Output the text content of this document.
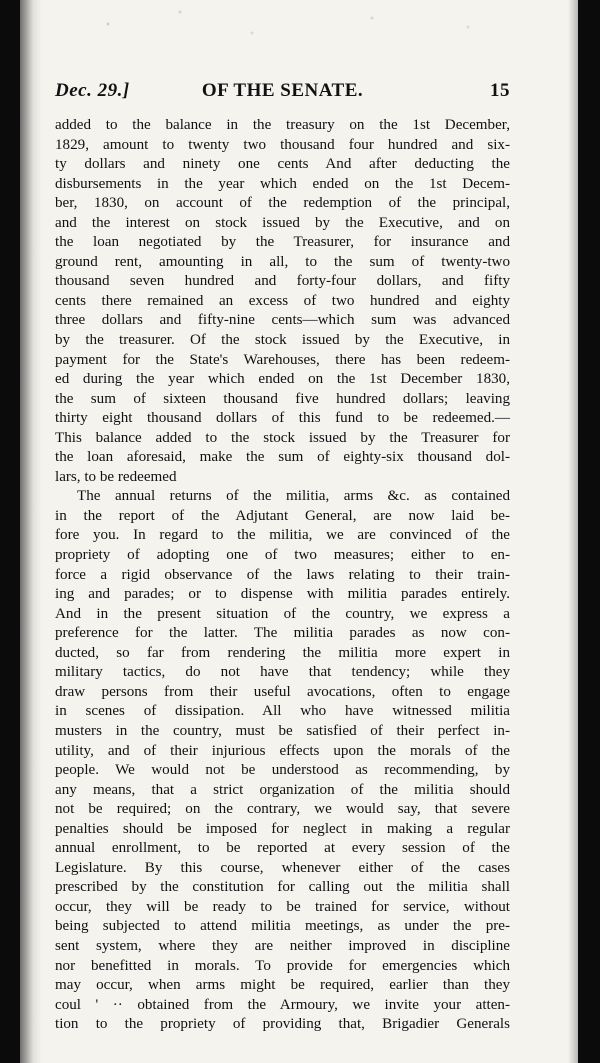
OF THE SENATE.
Dec. 29.]	15
added to the balance in the treasury on the 1st December,
1829, amount to twenty two thousand four hundred and six-
ty dollars and ninety one cents And after deducting the
disbursements in the year which ended on the 1st Decem-
ber, 1830, on account of the redemption of the principal,
and the interest on stock issued by the Executive, and on
the loan negotiated by the Treasurer, for insurance and
ground rent, amounting in all, to the sum of twenty-two
thousand seven hundred and forty-four dollars, and fifty
cents there remained an excess of two hundred and eighty
three dollars and fifty-nine cents—which sum was advanced
by the treasurer. Of the stock issued by the Executive, in
payment for the State's Warehouses, there has been redeem-
ed during the year which ended on the 1st December 1830,
the sum of sixteen thousand five hundred dollars; leaving
thirty eight thousand dollars of this fund to be redeemed.—
This balance added to the stock issued by the Treasurer for
the loan aforesaid, make the sum of eighty-six thousand dol-
lars, to be redeemed
The annual returns of the militia, arms &c. as contained
in the report of the Adjutant General, are now laid be-
fore you. In regard to the militia, we are convinced of the
propriety of adopting one of two measures; either to en-
force a rigid observance of the laws relating to their train-
ing and parades; or to dispense with militia parades entirely.
And in the present situation of the country, we express a
preference for the latter. The militia parades as now con-
ducted, so far from rendering the militia more expert in
military tactics, do not have that tendency; while they
draw persons from their useful avocations, often to engage
in scenes of dissipation. All who have witnessed militia
musters in the country, must be satisfied of their perfect in-
utility, and of their injurious effects upon the morals of the
people. We would not be understood as recommending, by
any means, that a strict organization of the militia should
not be required; on the contrary, we would say, that severe
penalties should be imposed for neglect in making a regular
annual enrollment, to be reported at every session of the
Legislature. By this course, whenever either of the cases
prescribed by the constitution for calling out the militia shall
occur, they will be ready to be trained for service, without
being subjected to attend militia meetings, as under the pre-
sent system, where they are neither improved in discipline
nor benefitted in morals. To provide for emergencies which
may occur, when arms might be required, earlier than they
coul ' ·· obtained from the Armoury, we invite your atten-
tion to the propriety of providing that, Brigadier Generals
